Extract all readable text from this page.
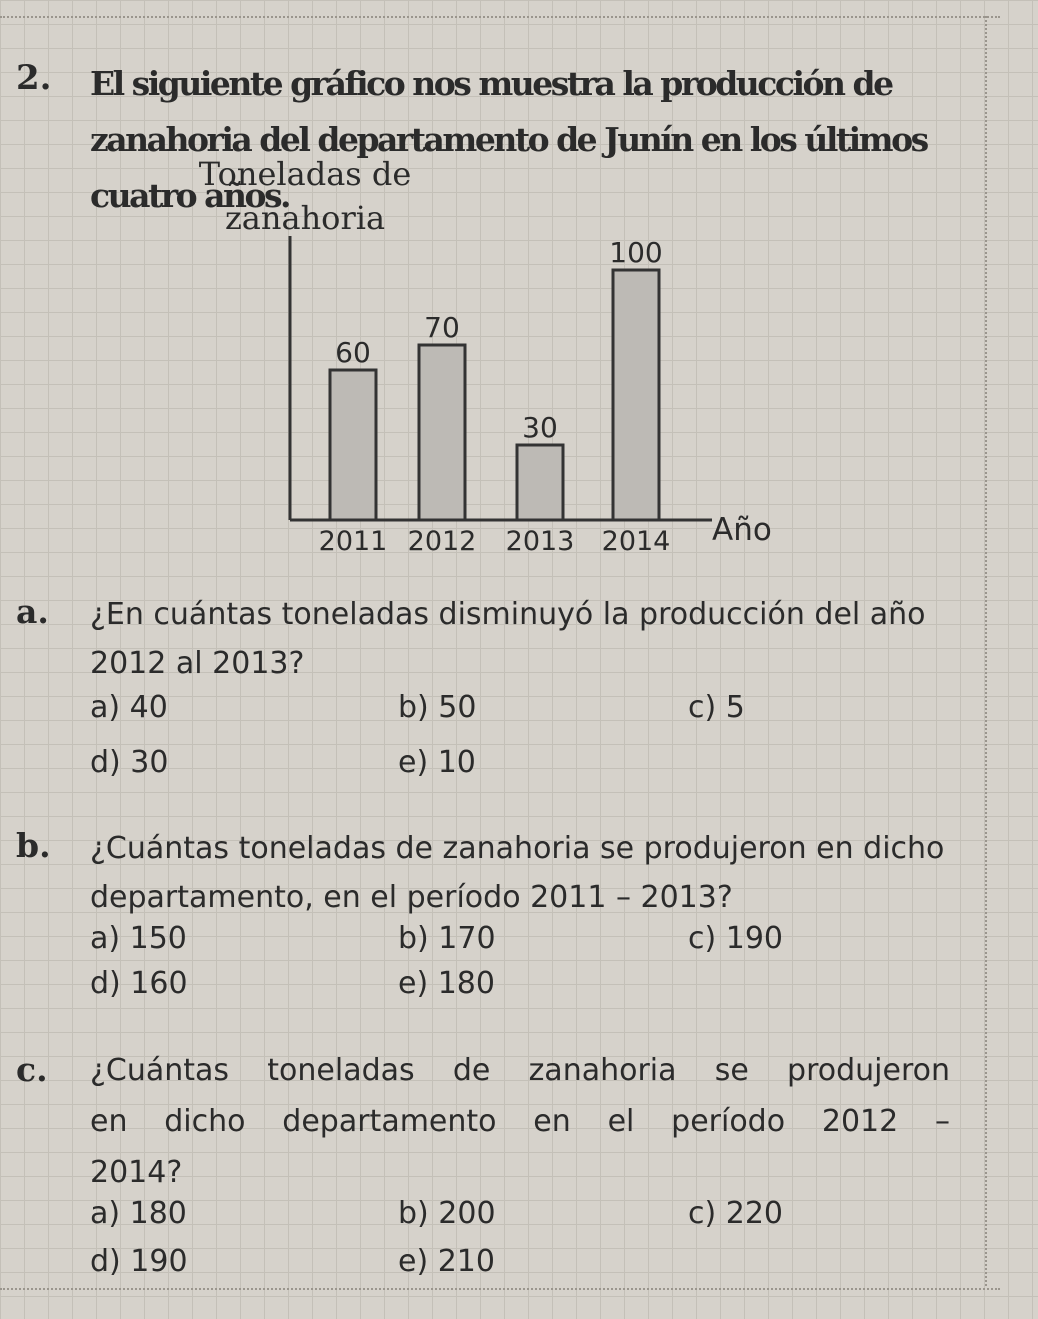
2. El siguiente gráfico nos muestra la producción de zanahoria del departamento de Junín en los últimos cuatro años.
Toneladas de zanahoria
60
70
30
100
2011 2012 2013 2014 Año
a. ¿En cuántas toneladas disminuyó la producción del año 2012 al 2013?
a) 40	b) 50	c) 5
d) 30	e) 10
b. ¿Cuántas toneladas de zanahoria se produjeron en dicho departamento, en el período 2011 – 2013?
a) 150	b) 170	c) 190
d) 160	e) 180
c. ¿Cuántas toneladas de zanahoria se produjeron
en dicho departamento en el período 2012 –
2014?
a) 180	b) 200	c) 220
d) 190	e) 210
